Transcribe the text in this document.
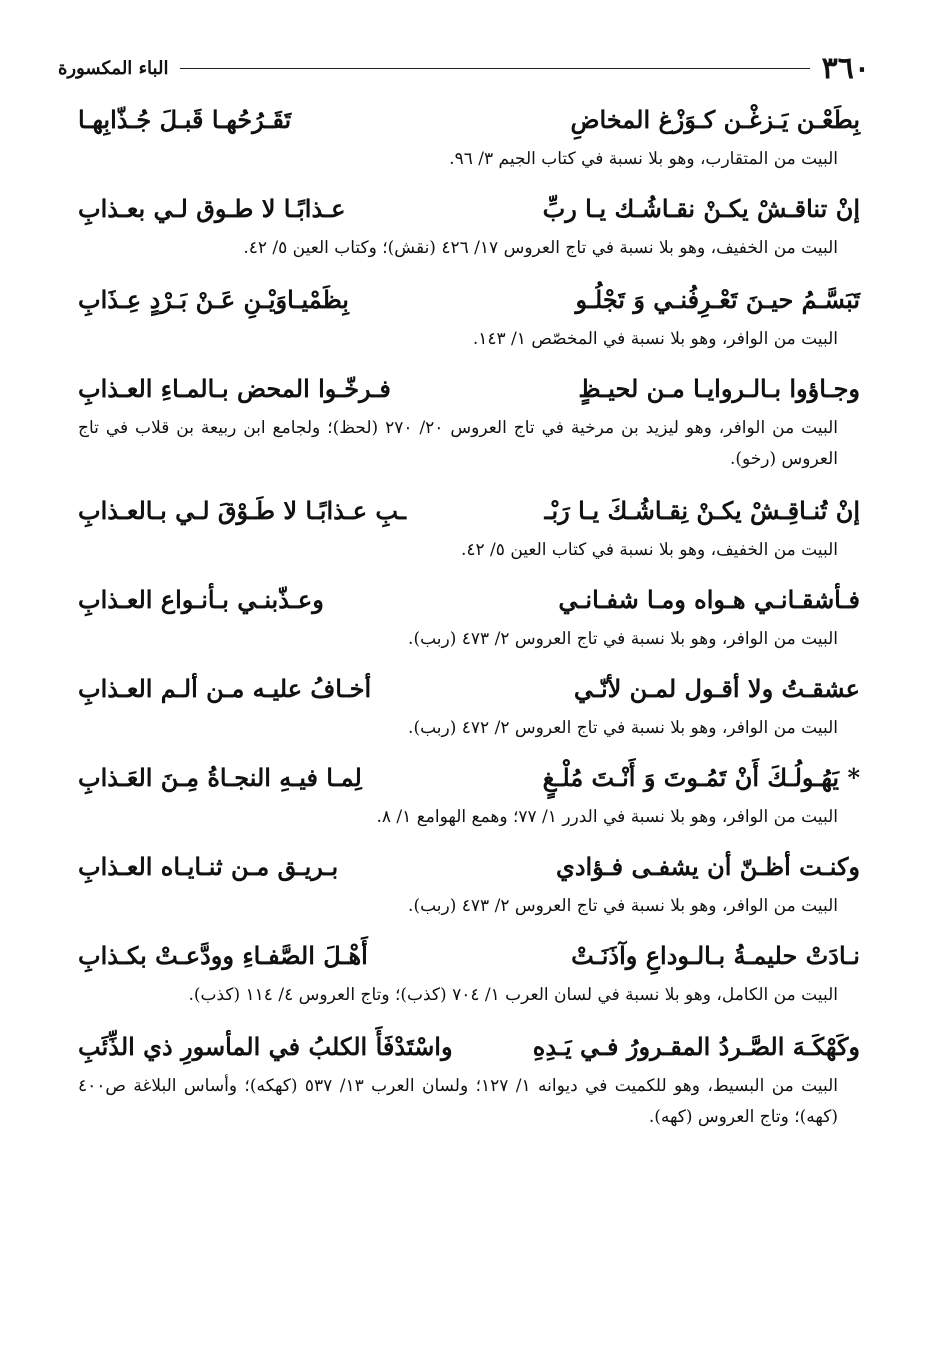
٣٦٠
الباء المكسورة
بِطَعْـن يَـزغْـن كـوَزْغ المخاضِ
تَقَـرُحُهـا قَبـلَ جُـذّابِهـا
البيت من المتقارب، وهو بلا نسبة في كتاب الجيم ٣/ ٩٦.
إنْ تناقـشْ يكـنْ نقـاشُـك يـا ربِّ
عـذابًـا لا طـوق لـي بعـذابِ
البيت من الخفيف، وهو بلا نسبة في تاج العروس ١٧/ ٤٢٦ (نقش)؛ وكتاب العين ٥/ ٤٢.
تَبَسَّـمُ حيـنَ تَعْـرِفُنـي وَ تَجْلُـو
بِظَمْيـاوَيْـنِ عَـنْ بَـرْدٍ عِـذَابِ
البيت من الوافر، وهو بلا نسبة في المخصّص ١/ ١٤٣.
وجـاؤوا بـالـروايـا مـن لحيـظٍ
فـرخّـوا المحض بـالمـاءِ العـذابِ
البيت من الوافر، وهو ليزيد بن مرخية في تاج العروس ٢٠/ ٢٧٠ (لحظ)؛ ولجامع ابن ربيعة بن قلاب في تاج العروس (رخو).
إنْ تُنـاقِـشْ يكـنْ نِقـاشُـكَ يـا رَبْـ
ـبِ عـذابًـا لا طَـوْقَ لـي بـالعـذابِ
البيت من الخفيف، وهو بلا نسبة في كتاب العين ٥/ ٤٢.
فـأشقـانـي هـواه ومـا شفـانـي
وعـذّبنـي بـأنـواع العـذابِ
البيت من الوافر، وهو بلا نسبة في تاج العروس ٢/ ٤٧٣ (ربب).
عشقـتُ ولا أقـول لمـن لأنّـي
أخـافُ عليـه مـن ألـم العـذابِ
البيت من الوافر، وهو بلا نسبة في تاج العروس ٢/ ٤٧٢ (ربب).
* يَهُـولُـكَ أَنْ تَمُـوتَ وَ أَنْـتَ مُلْـغٍ
لِمـا فيـهِ النجـاةُ مِـنَ العَـذابِ
البيت من الوافر، وهو بلا نسبة في الدرر ١/ ٧٧؛ وهمع الهوامع ١/ ٨.
وكنـت أظـنّ أن يشفـى فـؤادي
بـريـق مـن ثنـايـاه العـذابِ
البيت من الوافر، وهو بلا نسبة في تاج العروس ٢/ ٤٧٣ (ربب).
نـادَتْ حليمـةُ بـالـوداعِ وآذَنَـتْ
أَهْـلَ الصَّفـاءِ وودَّعـتْ بكـذابِ
البيت من الكامل، وهو بلا نسبة في لسان العرب ١/ ٧٠٤ (كذب)؛ وتاج العروس ٤/ ١١٤ (كذب).
وكَهْكَـهَ الصَّـردُ المقـرورُ فـي يَـدِهِ
واسْتَدْفَأَ الكلبُ في المأسورِ ذي الذِّئَبِ
البيت من البسيط، وهو للكميت في ديوانه ١/ ١٢٧؛ ولسان العرب ١٣/ ٥٣٧ (كهكه)؛ وأساس البلاغة ص٤٠٠ (كهه)؛ وتاج العروس (كهه).
